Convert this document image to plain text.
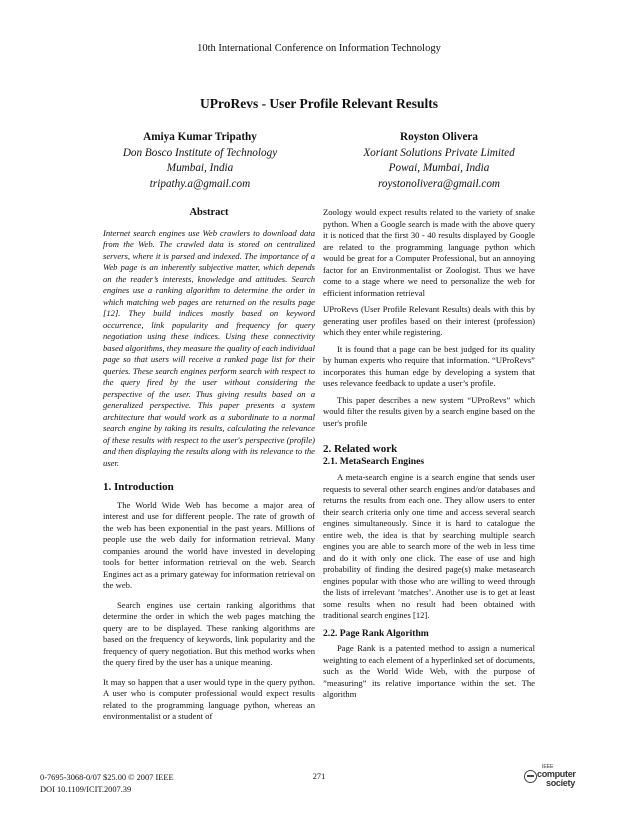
10th International Conference on Information Technology
UProRevs - User Profile Relevant Results
Amiya Kumar Tripathy
Don Bosco Institute of Technology
Mumbai, India
tripathy.a@gmail.com
Royston Olivera
Xoriant Solutions Private Limited
Powai, Mumbai, India
roystonolivera@gmail.com
Abstract

Internet search engines use Web crawlers to download data from the Web. The crawled data is stored on centralized servers, where it is parsed and indexed. The importance of a Web page is an inherently subjective matter, which depends on the reader’s interests, knowledge and attitudes. Search engines use a ranking algorithm to determine the order in which matching web pages are returned on the results page [12]. They build indices mostly based on keyword occurrence, link popularity and frequency for query negotiation using these indices. Using these connectivity based algorithms, they measure the quality of each individual page so that users will receive a ranked page list for their queries. These search engines perform search with respect to the query fired by the user without considering the perspective of the user. Thus giving results based on a generalized perspective. This paper presents a system architecture that would work as a subordinate to a normal search engine by taking its results, calculating the relevance of these results with respect to the user's perspective (profile) and then displaying the results along with its relevance to the user.

1. Introduction

The World Wide Web has become a major area of interest and use for different people. The rate of growth of the web has been exponential in the past years. Millions of people use the web daily for information retrieval. Many companies around the world have invested in developing tools for better information retrieval on the web. Search Engines act as a primary gateway for information retrieval on the web.

Search engines use certain ranking algorithms that determine the order in which the web pages matching the query are to be displayed. These ranking algorithms are based on the frequency of keywords, link popularity and the frequency of query negotiation. But this method works when the query fired by the user has a unique meaning.

It may so happen that a user would type in the query python. A user who is computer professional would expect results related to the programming language python, whereas an environmentalist or a student of

Zoology would expect results related to the variety of snake python. When a Google search is made with the above query it is noticed that the first 30 - 40 results displayed by Google are related to the programming language python which would be great for a Computer Professional, but an annoying factor for an Environmentalist or Zoologist. Thus we have come to a stage where we need to personalize the web for efficient information retrieval

UProRevs (User Profile Relevant Results) deals with this by generating user profiles based on their interest (profession) which they enter while registering.

It is found that a page can be best judged for its quality by human experts who require that information. “UProRevs” incorporates this human edge by developing a system that uses relevance feedback to update a user’s profile.

This paper describes a new system “UProRevs” which would filter the results given by a search engine based on the user's profile

2. Related work
2.1. MetaSearch Engines

A meta-search engine is a search engine that sends user requests to several other search engines and/or databases and returns the results from each one. They allow users to enter their search criteria only one time and access several search engines simultaneously. Since it is hard to catalogue the entire web, the idea is that by searching multiple search engines you are able to search more of the web in less time and do it with only one click. The ease of use and high probability of finding the desired page(s) make metasearch engines popular with those who are willing to weed through the lists of irrelevant ’matches’. Another use is to get at least some results when no result had been obtained with traditional search engines [12].

2.2. Page Rank Algorithm

Page Rank is a patented method to assign a numerical weighting to each element of a hyperlinked set of documents, such as the World Wide Web, with the purpose of ”measuring” its relative importance within the set. The algorithm

0-7695-3068-0/07 $25.00 © 2007 IEEE
DOI 10.1109/ICIT.2007.39
271
IEEE
computer
society
